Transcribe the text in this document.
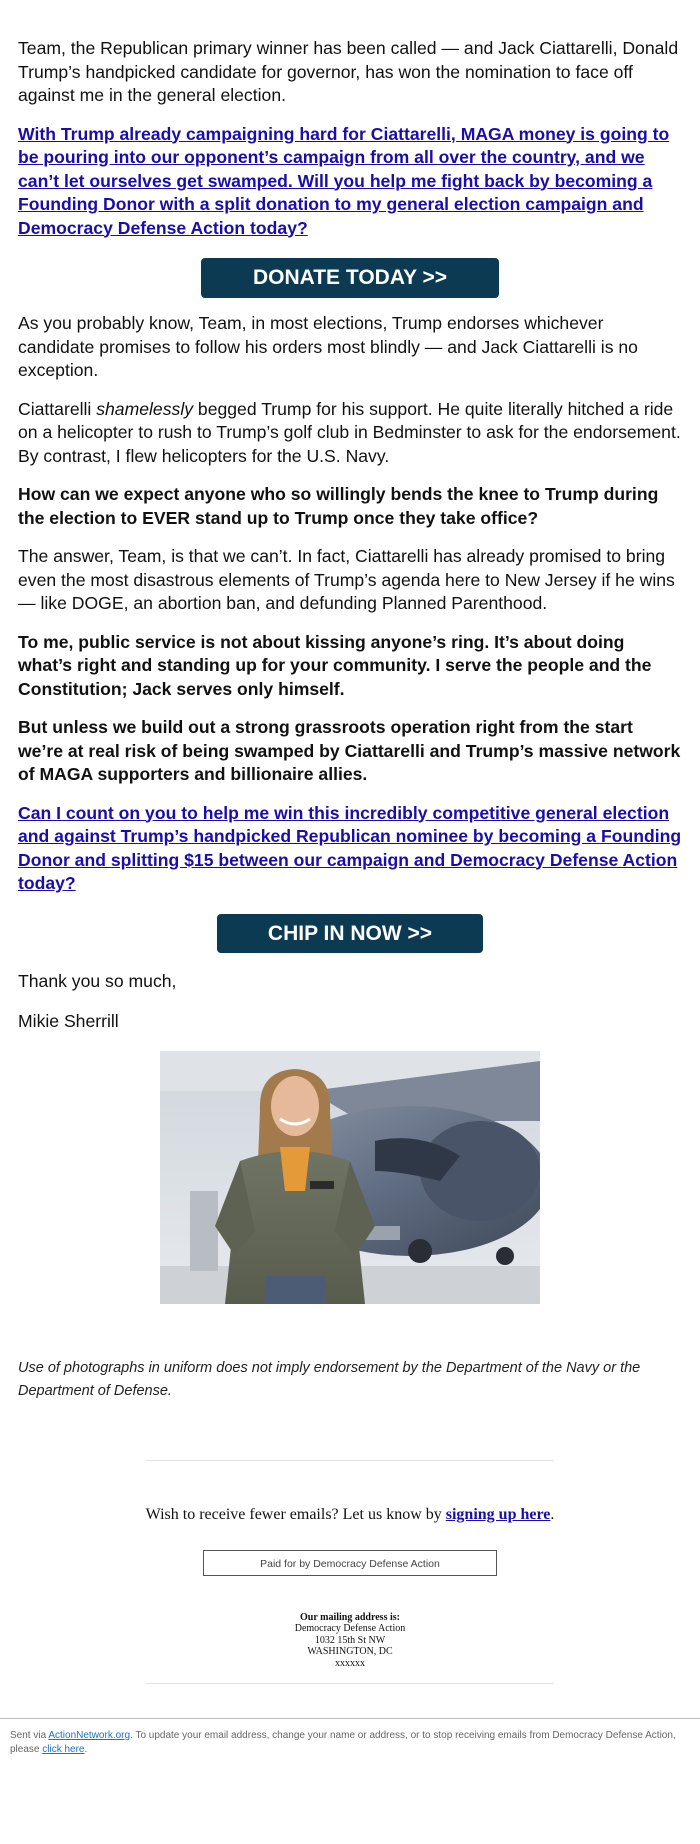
Team, the Republican primary winner has been called — and Jack Ciattarelli, Donald Trump’s handpicked candidate for governor, has won the nomination to face off against me in the general election.

With Trump already campaigning hard for Ciattarelli, MAGA money is going to be pouring into our opponent’s campaign from all over the country, and we can’t let ourselves get swamped. Will you help me fight back by becoming a Founding Donor with a split donation to my general election campaign and Democracy Defense Action today?
DONATE TODAY >>

As you probably know, Team, in most elections, Trump endorses whichever candidate promises to follow his orders most blindly — and Jack Ciattarelli is no exception.

Ciattarelli shamelessly begged Trump for his support. He quite literally hitched a ride on a helicopter to rush to Trump’s golf club in Bedminster to ask for the endorsement. By contrast, I flew helicopters for the U.S. Navy.

How can we expect anyone who so willingly bends the knee to Trump during the election to EVER stand up to Trump once they take office?

The answer, Team, is that we can’t. In fact, Ciattarelli has already promised to bring even the most disastrous elements of Trump’s agenda here to New Jersey if he wins — like DOGE, an abortion ban, and defunding Planned Parenthood.

To me, public service is not about kissing anyone’s ring. It’s about doing what’s right and standing up for your community. I serve the people and the Constitution; Jack serves only himself.

But unless we build out a strong grassroots operation right from the start we’re at real risk of being swamped by Ciattarelli and Trump’s massive network of MAGA supporters and billionaire allies.

Can I count on you to help me win this incredibly competitive general election and against Trump’s handpicked Republican nominee by becoming a Founding Donor and splitting $15 between our campaign and Democracy Defense Action today?
CHIP IN NOW >>

Thank you so much,

Mikie Sherrill

Use of photographs in uniform does not imply endorsement by the Department of the Navy or the Department of Defense.

Wish to receive fewer emails? Let us know by signing up here.

Paid for by Democracy Defense Action
Our mailing address is:
Democracy Defense Action
1032 15th St NW
WASHINGTON, DC
xxxxxx
Sent via ActionNetwork.org. To update your email address, change your name or address, or to stop receiving emails from Democracy Defense Action, please click here.
